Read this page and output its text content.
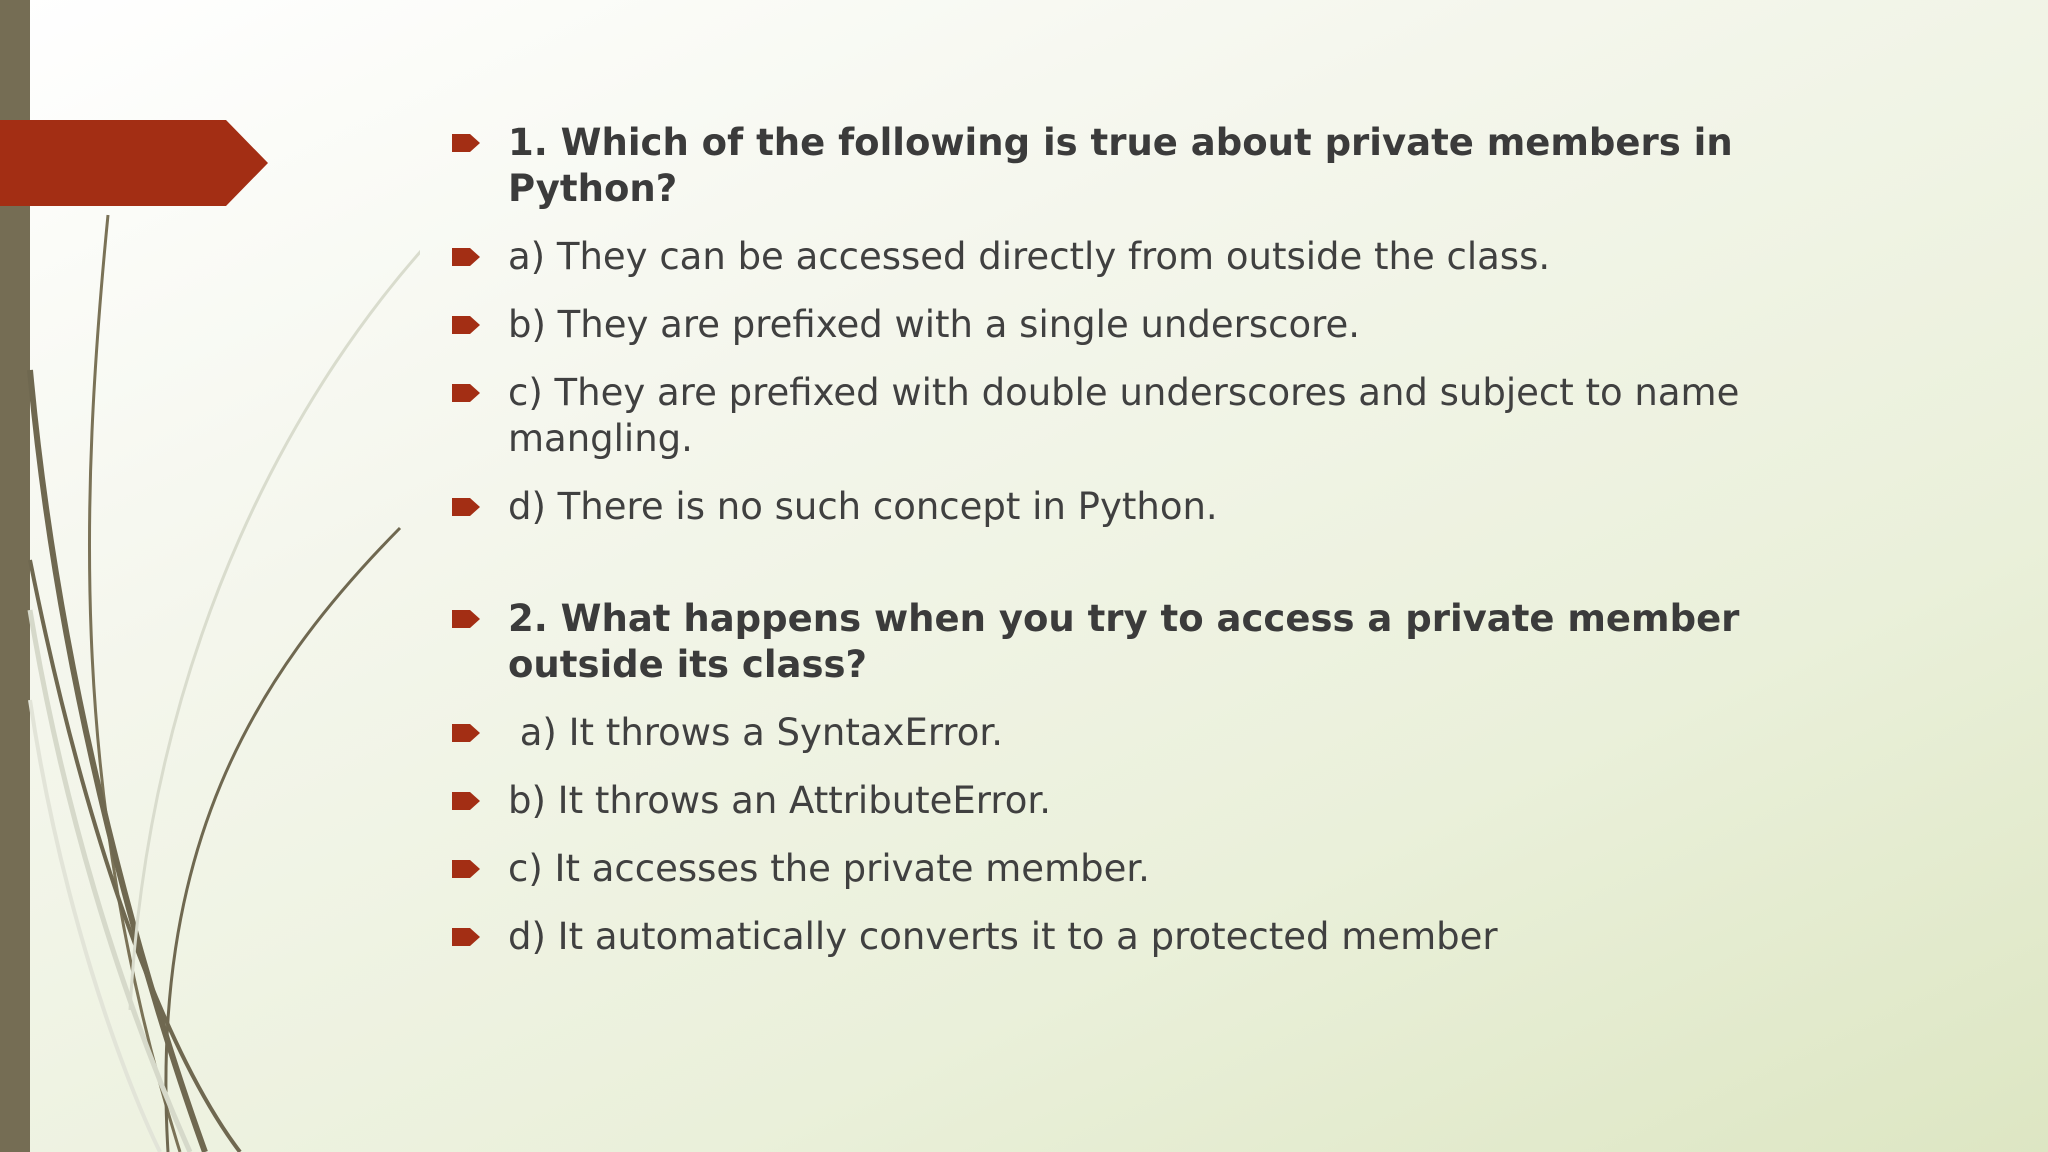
1. Which of the following is true about private members in Python?
a) They can be accessed directly from outside the class.
b) They are prefixed with a single underscore.
c) They are prefixed with double underscores and subject to name mangling.
d) There is no such concept in Python.
2. What happens when you try to access a private member outside its class?
a) It throws a SyntaxError.
b) It throws an AttributeError.
c) It accesses the private member.
d) It automatically converts it to a protected member
